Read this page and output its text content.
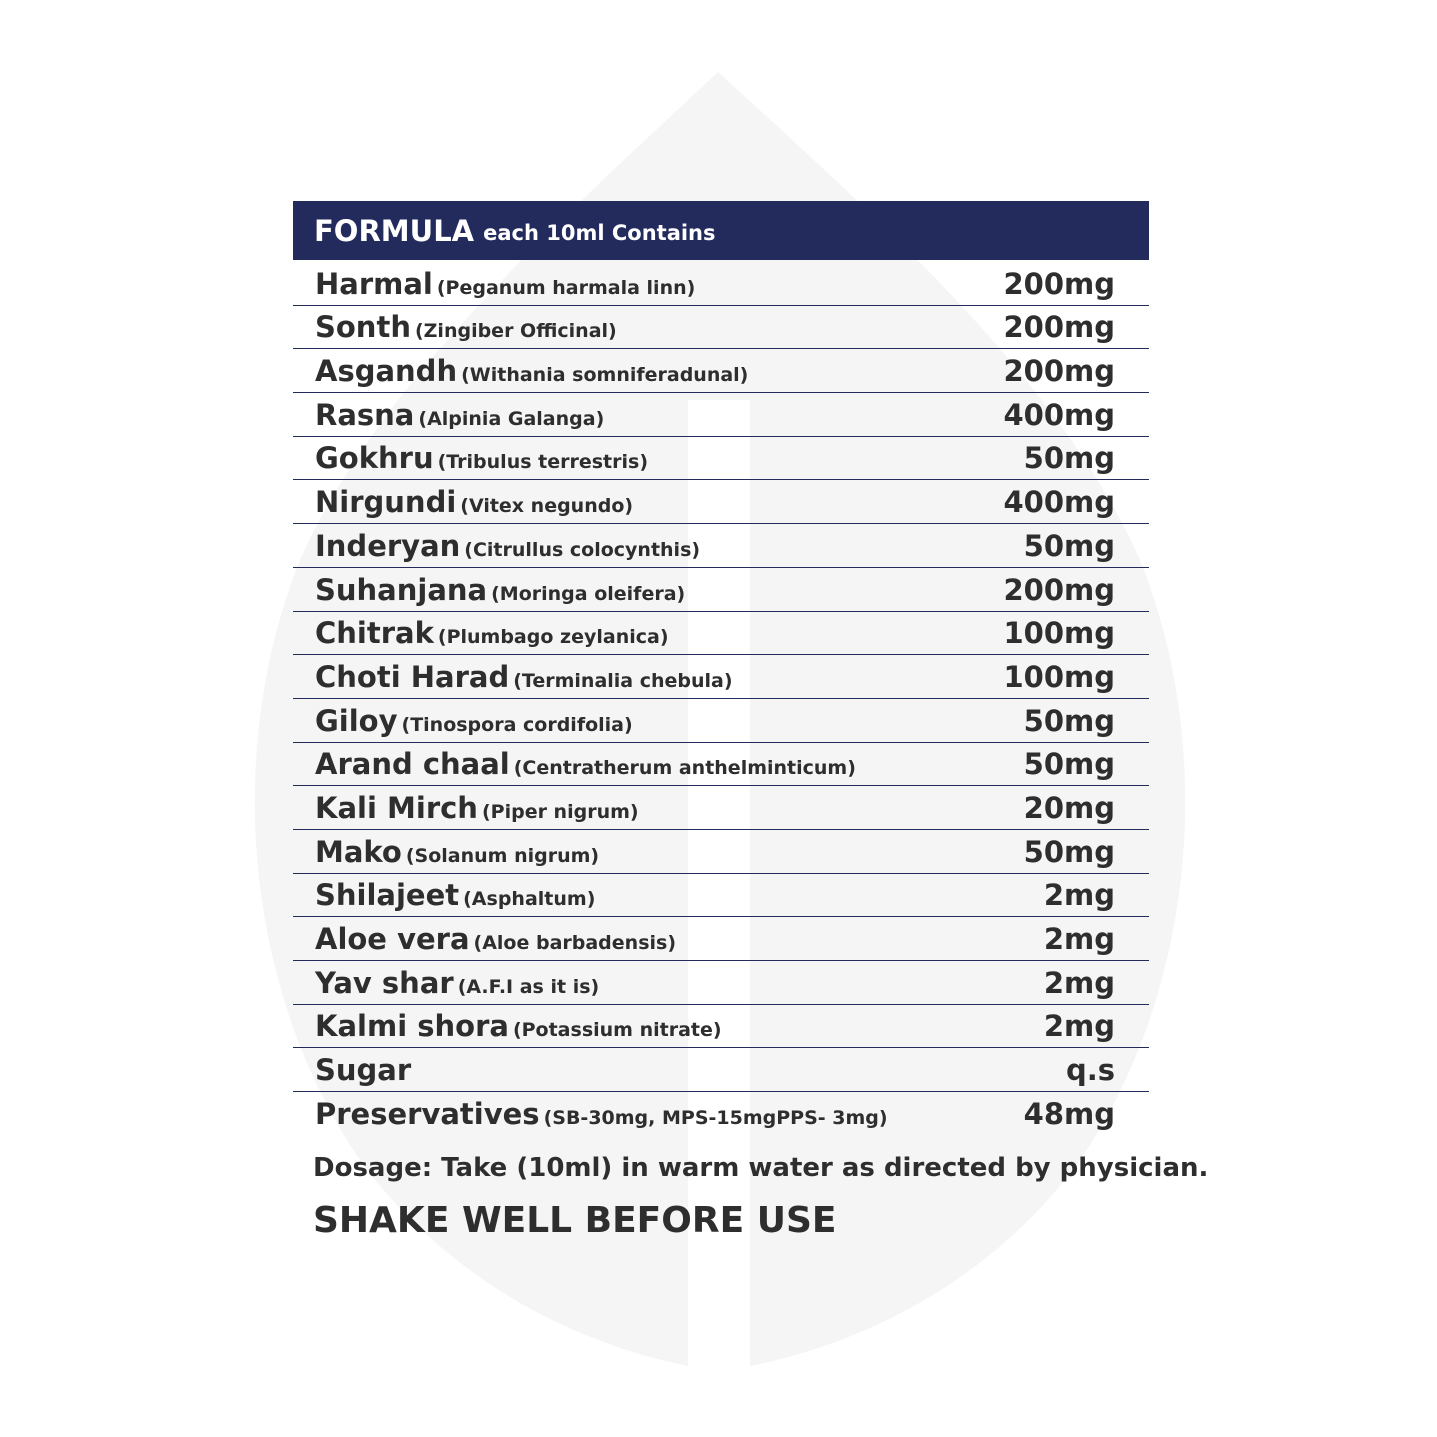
FORMULA each 10ml Contains
Harmal (Peganum harmala linn)	200mg
Sonth (Zingiber Officinal)	200mg
Asgandh (Withania somniferadunal)	200mg
Rasna (Alpinia Galanga)	400mg
Gokhru (Tribulus terrestris)	50mg
Nirgundi (Vitex negundo)	400mg
Inderyan (Citrullus colocynthis)	50mg
Suhanjana (Moringa oleifera)	200mg
Chitrak (Plumbago zeylanica)	100mg
Choti Harad (Terminalia chebula)	100mg
Giloy (Tinospora cordifolia)	50mg
Arand chaal (Centratherum anthelminticum)	50mg
Kali Mirch (Piper nigrum)	20mg
Mako (Solanum nigrum)	50mg
Shilajeet (Asphaltum)	2mg
Aloe vera (Aloe barbadensis)	2mg
Yav shar (A.F.I as it is)	2mg
Kalmi shora (Potassium nitrate)	2mg
Sugar	q.s
Preservatives (SB-30mg, MPS-15mgPPS- 3mg)	48mg
Dosage: Take (10ml) in warm water as directed by physician.
SHAKE WELL BEFORE USE
